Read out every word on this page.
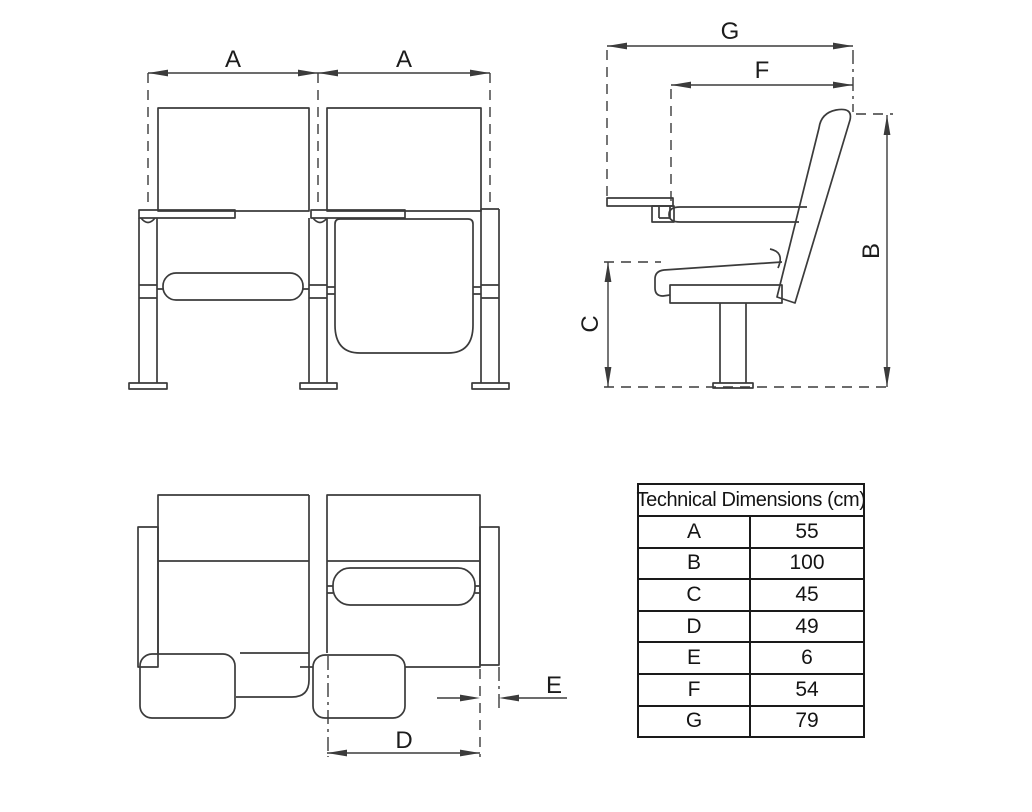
A	A
G
F
B
C
D
E
Technical Dimensions (cm)
A	55
B	100
C	45
D	49
E	6
F	54
G	79
